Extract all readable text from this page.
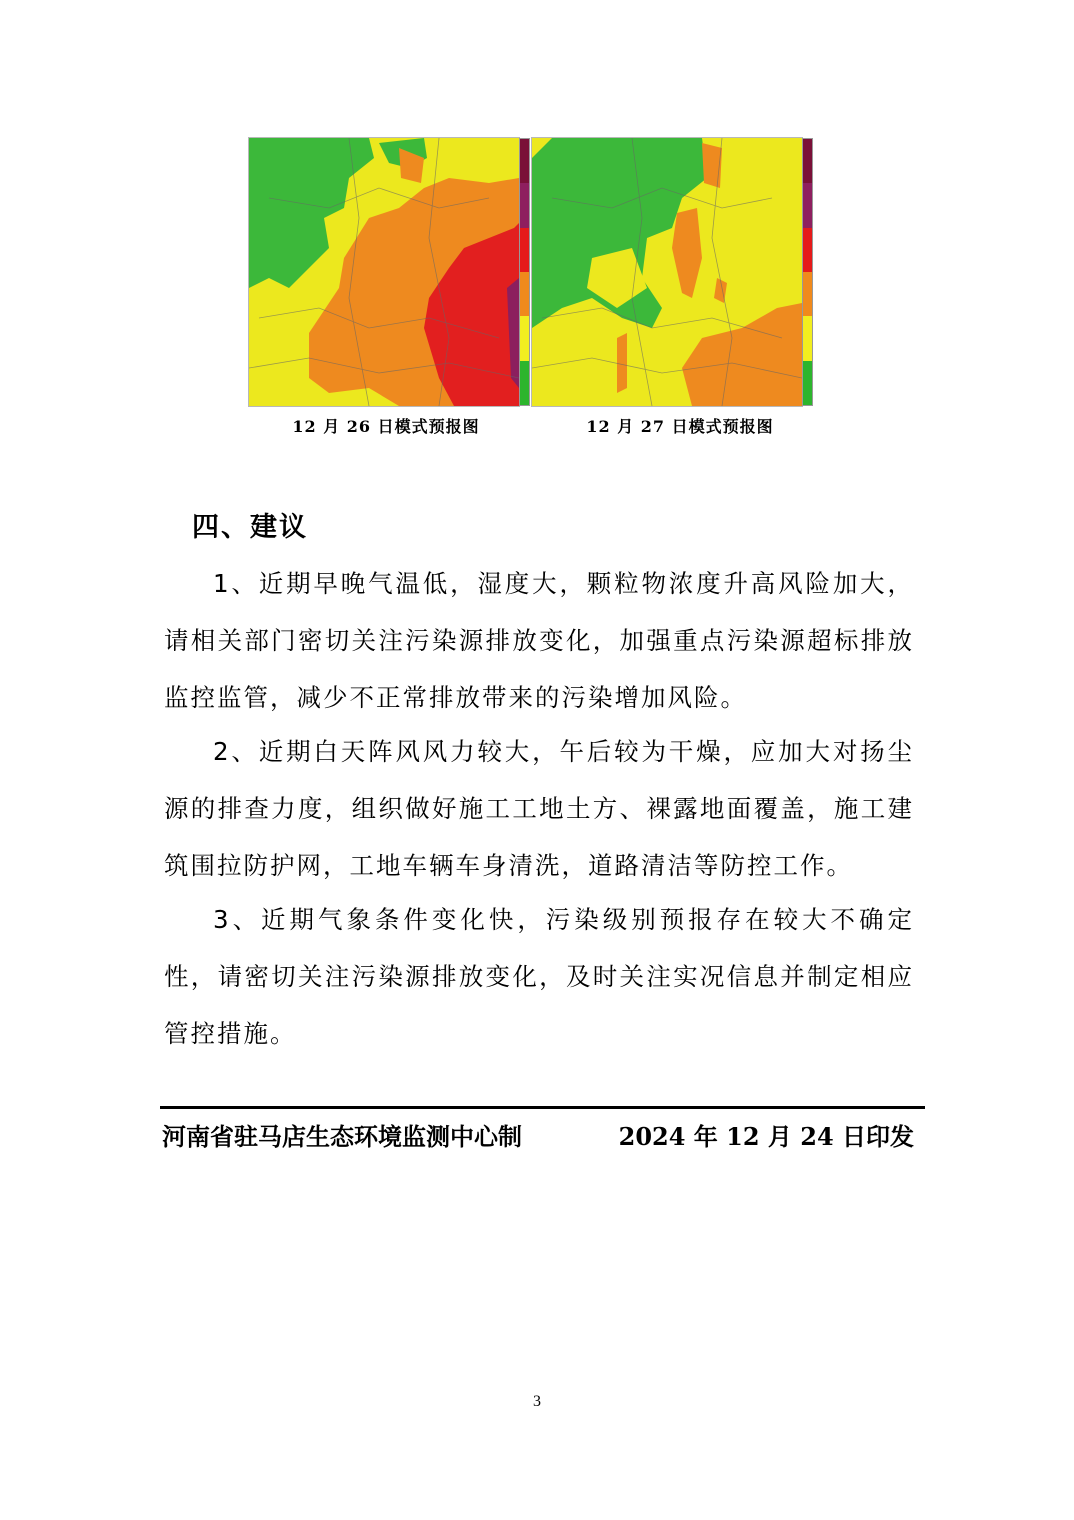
12 月 26 日模式预报图	12 月 27 日模式预报图
四、建议
1、近期早晚气温低，湿度大，颗粒物浓度升高风险加大，请相关部门密切关注污染源排放变化，加强重点污染源超标排放监控监管，减少不正常排放带来的污染增加风险。
2、近期白天阵风风力较大，午后较为干燥，应加大对扬尘源的排查力度，组织做好施工工地土方、裸露地面覆盖，施工建筑围拉防护网，工地车辆车身清洗，道路清洁等防控工作。
3、近期气象条件变化快，污染级别预报存在较大不确定性，请密切关注污染源排放变化，及时关注实况信息并制定相应管控措施。
河南省驻马店生态环境监测中心制	2024 年 12 月 24 日印发
3
